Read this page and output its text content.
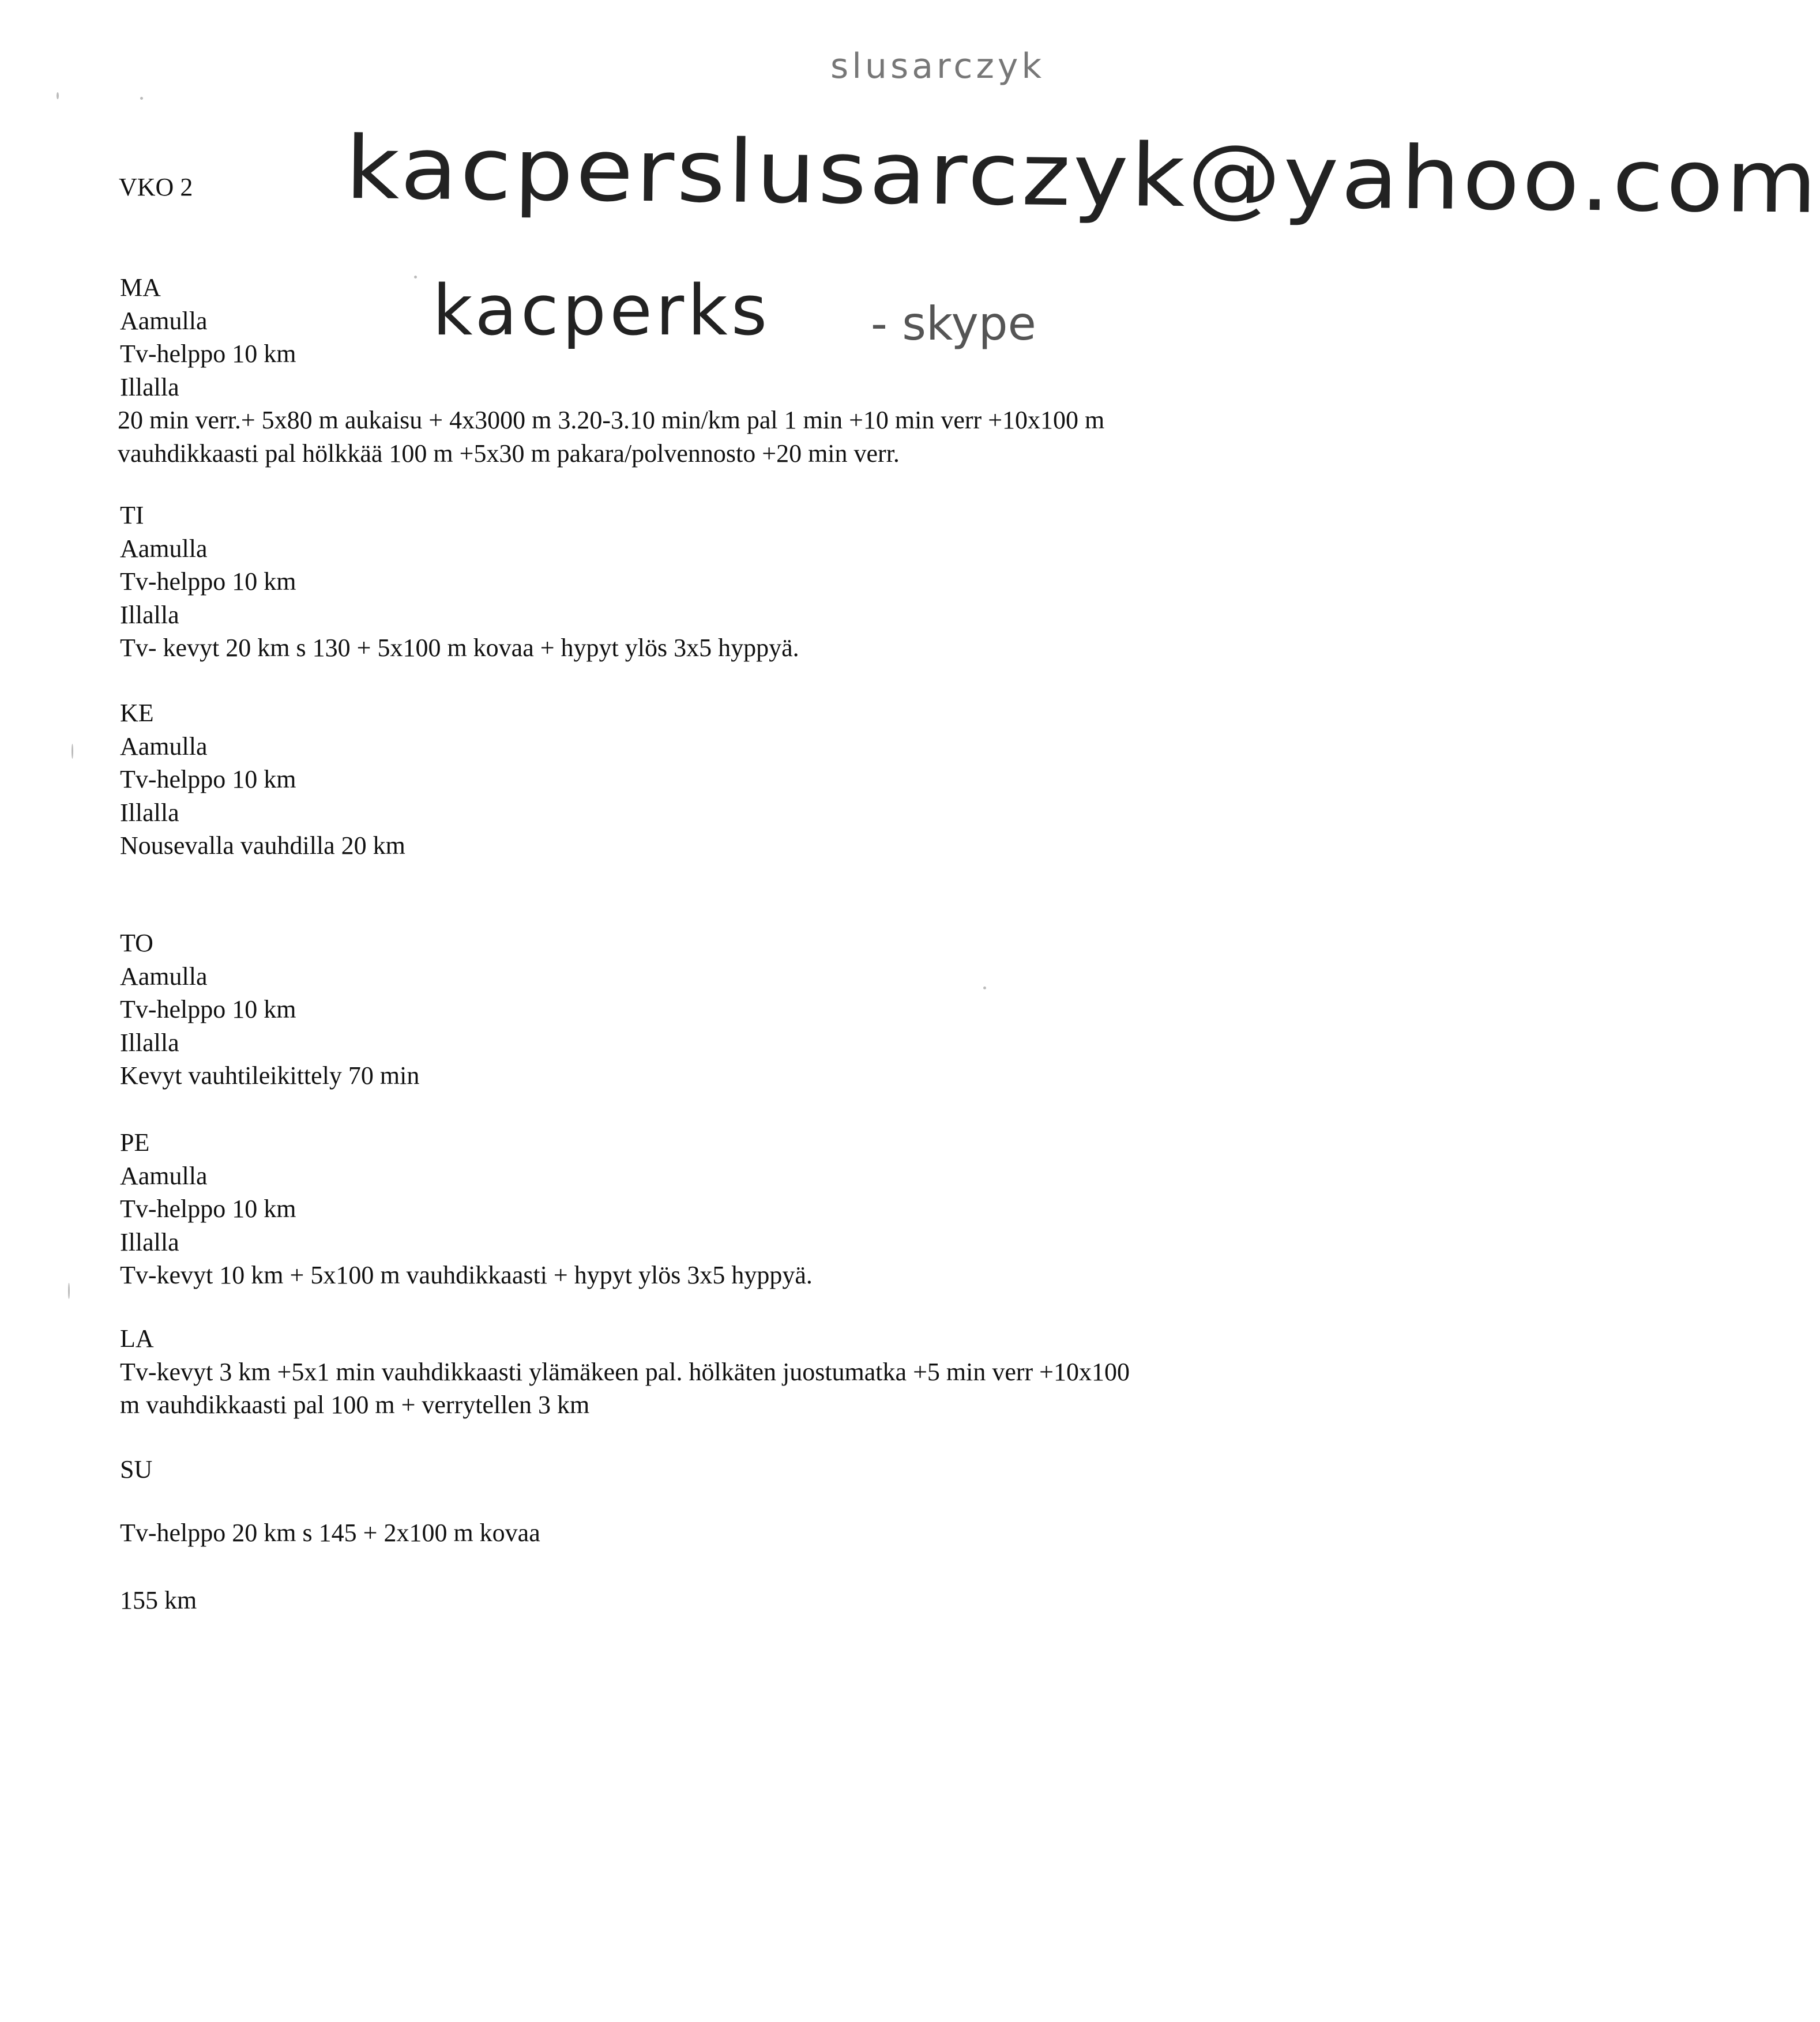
slusarczyk
kacperslusarczyk@yahoo.com
kacperks - skype
VKO 2
MA
Aamulla
Tv-helppo 10 km
Illalla
20 min verr.+ 5x80 m aukaisu + 4x3000 m 3.20-3.10 min/km pal 1 min +10 min verr +10x100 m
vauhdikkaasti pal hölkkää 100 m +5x30 m pakara/polvennosto +20 min verr.
TI
Aamulla
Tv-helppo 10 km
Illalla
Tv- kevyt 20 km s 130 + 5x100 m kovaa + hypyt ylös 3x5 hyppyä.
KE
Aamulla
Tv-helppo 10 km
Illalla
Nousevalla vauhdilla 20 km
TO
Aamulla
Tv-helppo 10 km
Illalla
Kevyt vauhtileikittely 70 min
PE
Aamulla
Tv-helppo 10 km
Illalla
Tv-kevyt 10 km + 5x100 m vauhdikkaasti + hypyt ylös 3x5 hyppyä.
LA
Tv-kevyt 3 km +5x1 min vauhdikkaasti ylämäkeen pal. hölkäten juostumatka +5 min verr +10x100
m vauhdikkaasti pal 100 m + verrytellen 3 km
SU
Tv-helppo 20 km s 145 + 2x100 m kovaa
155 km
